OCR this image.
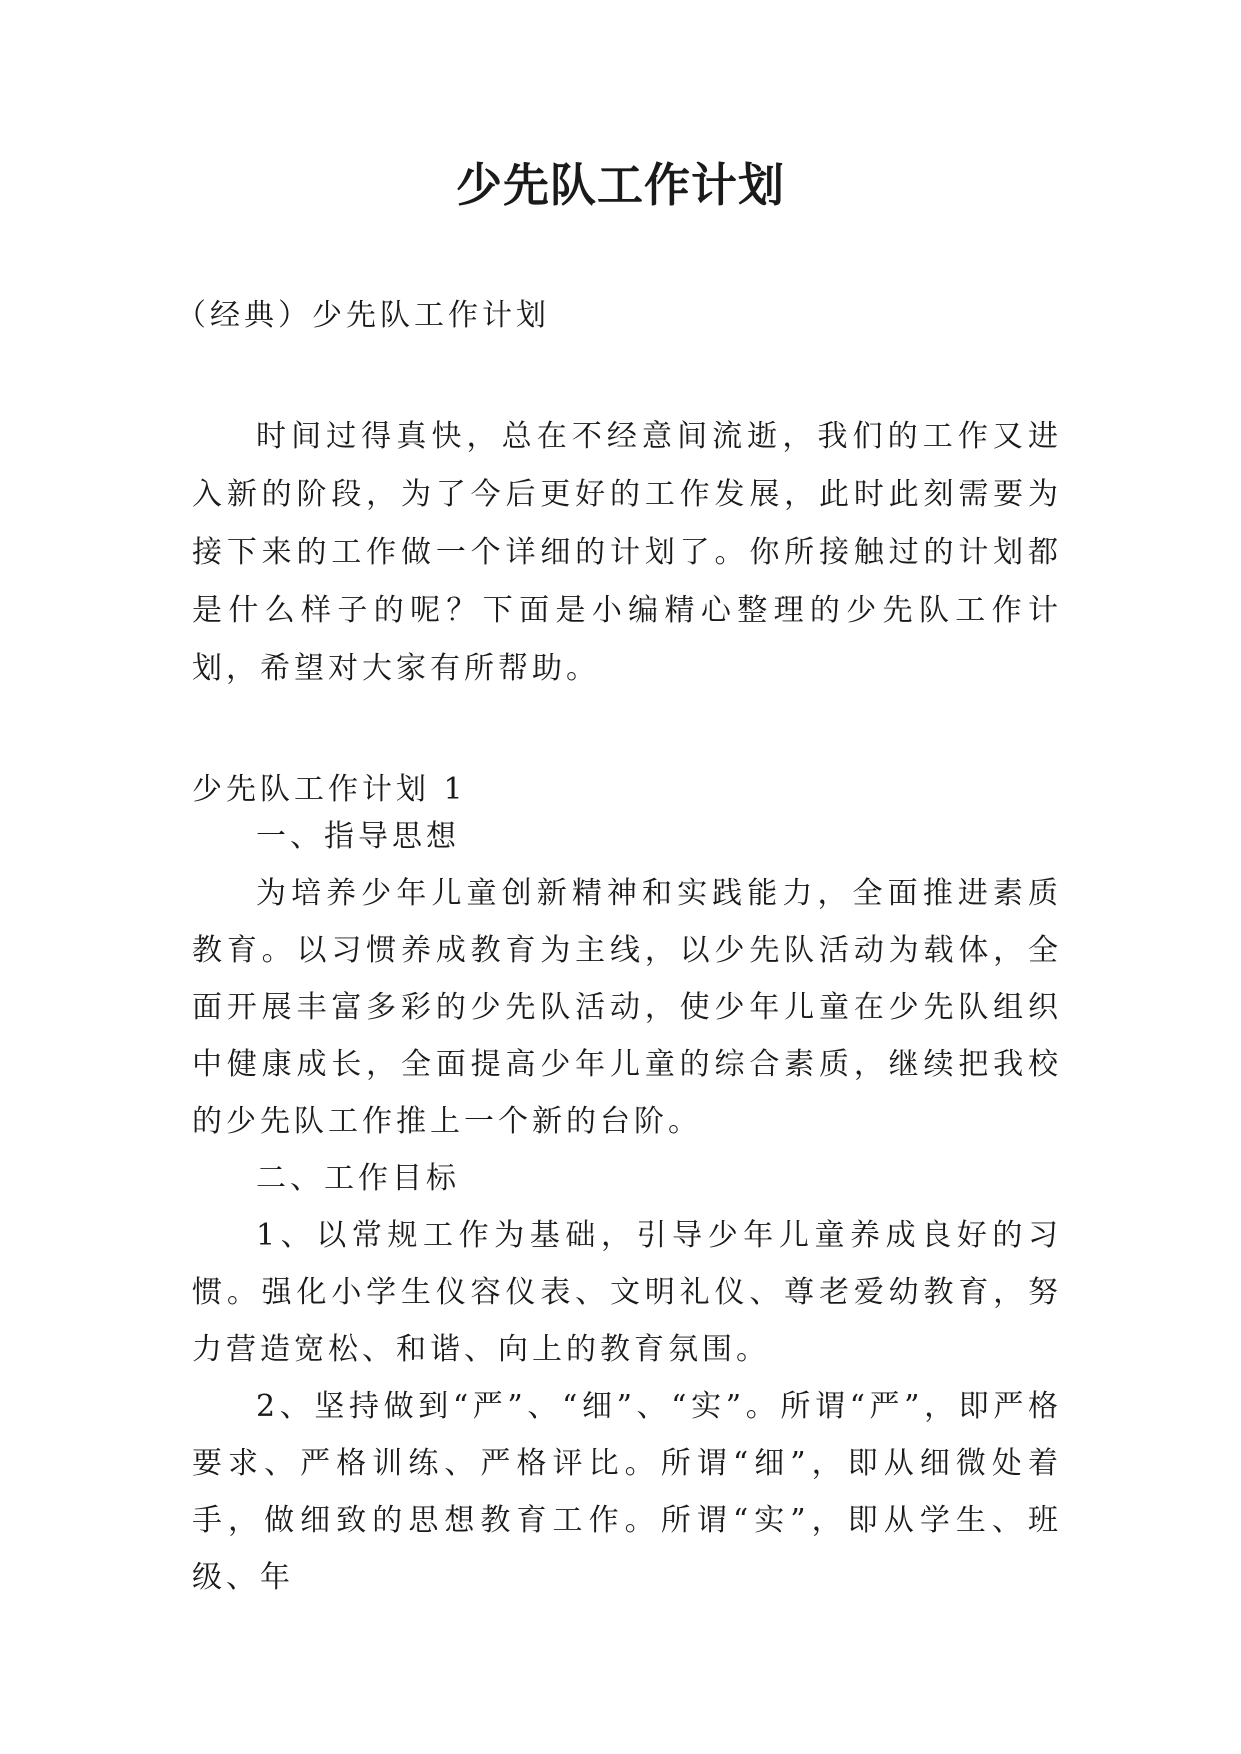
少先队工作计划

（经典）少先队工作计划

时间过得真快，总在不经意间流逝，我们的工作又进入新的阶段，为了今后更好的工作发展，此时此刻需要为接下来的工作做一个详细的计划了。你所接触过的计划都是什么样子的呢？下面是小编精心整理的少先队工作计划，希望对大家有所帮助。

少先队工作计划 1

一、指导思想

为培养少年儿童创新精神和实践能力，全面推进素质教育。以习惯养成教育为主线，以少先队活动为载体，全面开展丰富多彩的少先队活动，使少年儿童在少先队组织中健康成长，全面提高少年儿童的综合素质，继续把我校的少先队工作推上一个新的台阶。

二、工作目标

1、以常规工作为基础，引导少年儿童养成良好的习惯。强化小学生仪容仪表、文明礼仪、尊老爱幼教育，努力营造宽松、和谐、向上的教育氛围。

2、坚持做到“严”、“细”、“实”。所谓“严”，即严格要求、严格训练、严格评比。所谓“细”，即从细微处着手，做细致的思想教育工作。所谓“实”，即从学生、班级、年
